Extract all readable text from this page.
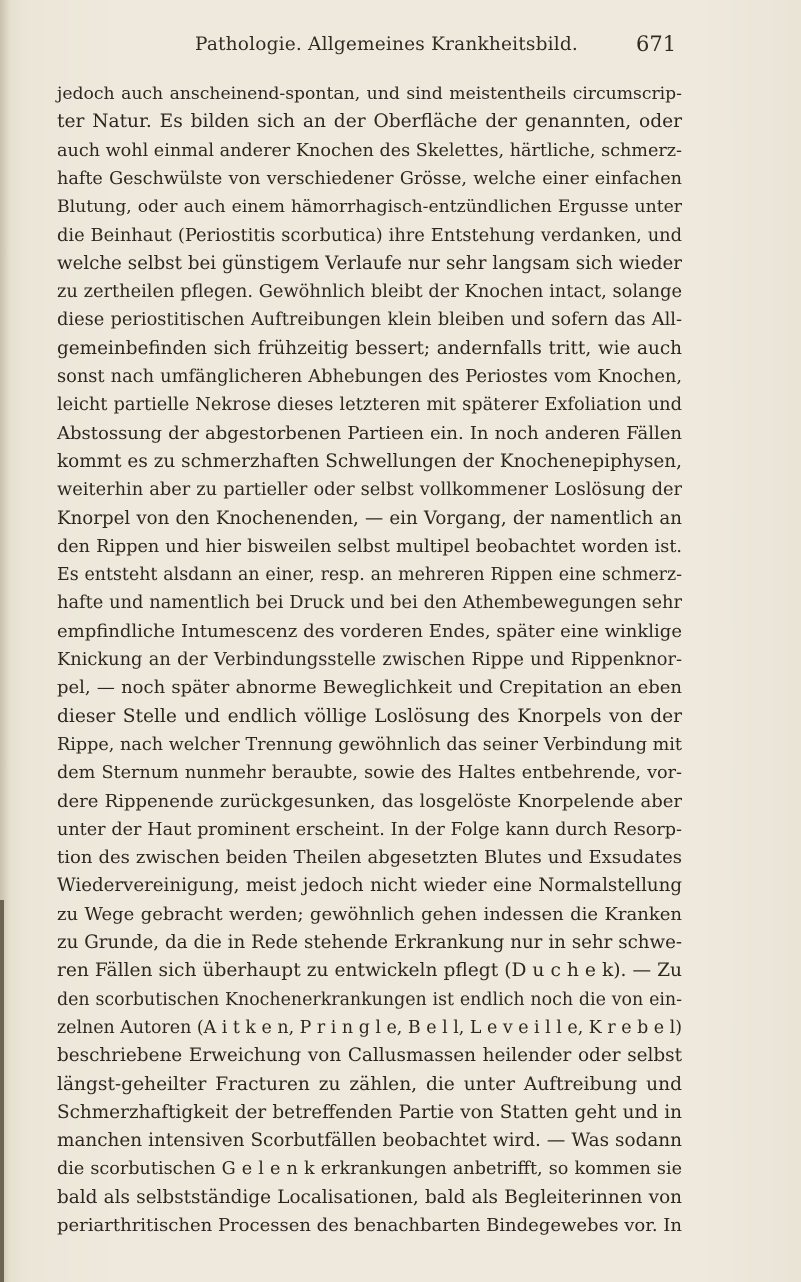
Pathologie. Allgemeines Krankheitsbild.	671
jedoch auch anscheinend-spontan, und sind meistentheils circumscrip-
ter Natur. Es bilden sich an der Oberfläche der genannten, oder
auch wohl einmal anderer Knochen des Skelettes, härtliche, schmerz-
hafte Geschwülste von verschiedener Grösse, welche einer einfachen
Blutung, oder auch einem hämorrhagisch-entzündlichen Ergusse unter
die Beinhaut (Periostitis scorbutica) ihre Entstehung verdanken, und
welche selbst bei günstigem Verlaufe nur sehr langsam sich wieder
zu zertheilen pflegen. Gewöhnlich bleibt der Knochen intact, solange
diese periostitischen Auftreibungen klein bleiben und sofern das All-
gemeinbefinden sich frühzeitig bessert; andernfalls tritt, wie auch
sonst nach umfänglicheren Abhebungen des Periostes vom Knochen,
leicht partielle Nekrose dieses letzteren mit späterer Exfoliation und
Abstossung der abgestorbenen Partieen ein. In noch anderen Fällen
kommt es zu schmerzhaften Schwellungen der Knochenepiphysen,
weiterhin aber zu partieller oder selbst vollkommener Loslösung der
Knorpel von den Knochenenden, — ein Vorgang, der namentlich an
den Rippen und hier bisweilen selbst multipel beobachtet worden ist.
Es entsteht alsdann an einer, resp. an mehreren Rippen eine schmerz-
hafte und namentlich bei Druck und bei den Athembewegungen sehr
empfindliche Intumescenz des vorderen Endes, später eine winklige
Knickung an der Verbindungsstelle zwischen Rippe und Rippenknor-
pel, — noch später abnorme Beweglichkeit und Crepitation an eben
dieser Stelle und endlich völlige Loslösung des Knorpels von der
Rippe, nach welcher Trennung gewöhnlich das seiner Verbindung mit
dem Sternum nunmehr beraubte, sowie des Haltes entbehrende, vor-
dere Rippenende zurückgesunken, das losgelöste Knorpelende aber
unter der Haut prominent erscheint. In der Folge kann durch Resorp-
tion des zwischen beiden Theilen abgesetzten Blutes und Exsudates
Wiedervereinigung, meist jedoch nicht wieder eine Normalstellung
zu Wege gebracht werden; gewöhnlich gehen indessen die Kranken
zu Grunde, da die in Rede stehende Erkrankung nur in sehr schwe-
ren Fällen sich überhaupt zu entwickeln pflegt (D u c h e k). — Zu
den scorbutischen Knochenerkrankungen ist endlich noch die von ein-
zelnen Autoren (A i t k e n, P r i n g l e, B e l l, L e v e i l l e, K r e b e l)
beschriebene Erweichung von Callusmassen heilender oder selbst
längst-geheilter Fracturen zu zählen, die unter Auftreibung und
Schmerzhaftigkeit der betreffenden Partie von Statten geht und in
manchen intensiven Scorbutfällen beobachtet wird. — Was sodann
die scorbutischen G e l e n k erkrankungen anbetrifft, so kommen sie
bald als selbstständige Localisationen, bald als Begleiterinnen von
periarthritischen Processen des benachbarten Bindegewebes vor. In
